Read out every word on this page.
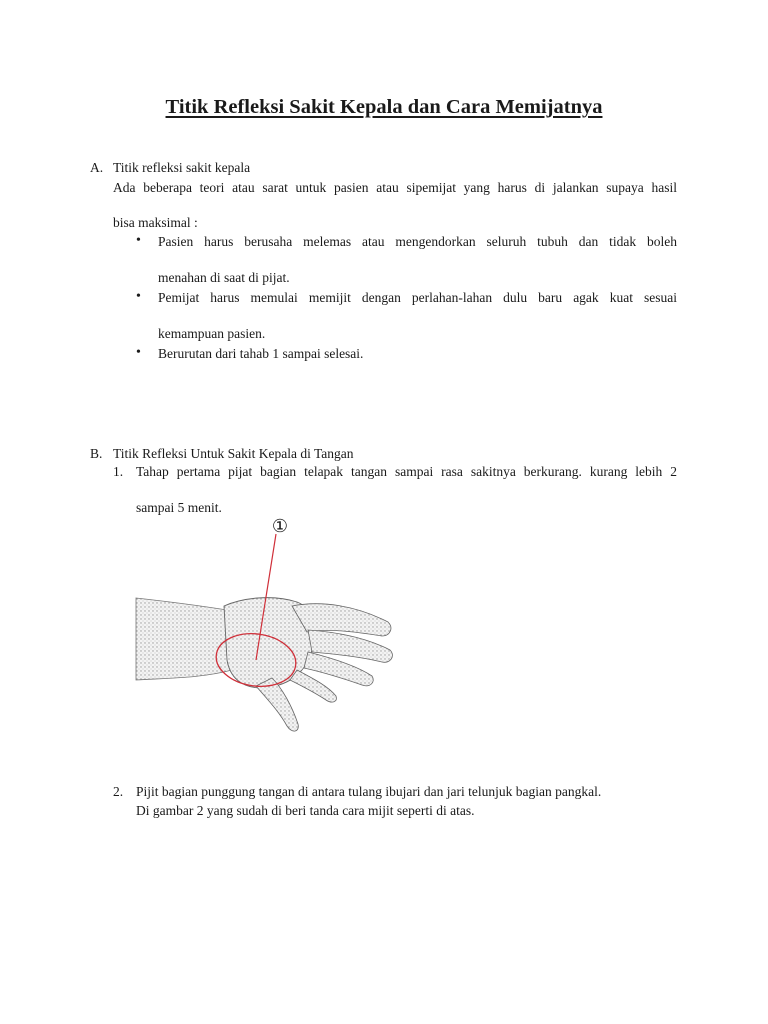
Titik Refleksi Sakit Kepala dan Cara Memijatnya
A. Titik refleksi sakit kepala
Ada beberapa teori atau sarat untuk pasien atau sipemijat yang harus di jalankan supaya hasil
bisa maksimal :
• Pasien harus berusaha melemas atau mengendorkan seluruh tubuh dan tidak boleh
menahan di saat di pijat.
• Pemijat harus memulai memijit dengan perlahan-lahan dulu baru agak kuat sesuai
kemampuan pasien.
• Berurutan dari tahab 1 sampai selesai.
B. Titik Refleksi Untuk Sakit Kepala di Tangan
1. Tahap pertama pijat bagian telapak tangan sampai rasa sakitnya berkurang. kurang lebih 2
sampai 5 menit.
①
2. Pijit bagian punggung tangan di antara tulang ibujari dan jari telunjuk bagian pangkal.
Di gambar 2 yang sudah di beri tanda cara mijit seperti di atas.
